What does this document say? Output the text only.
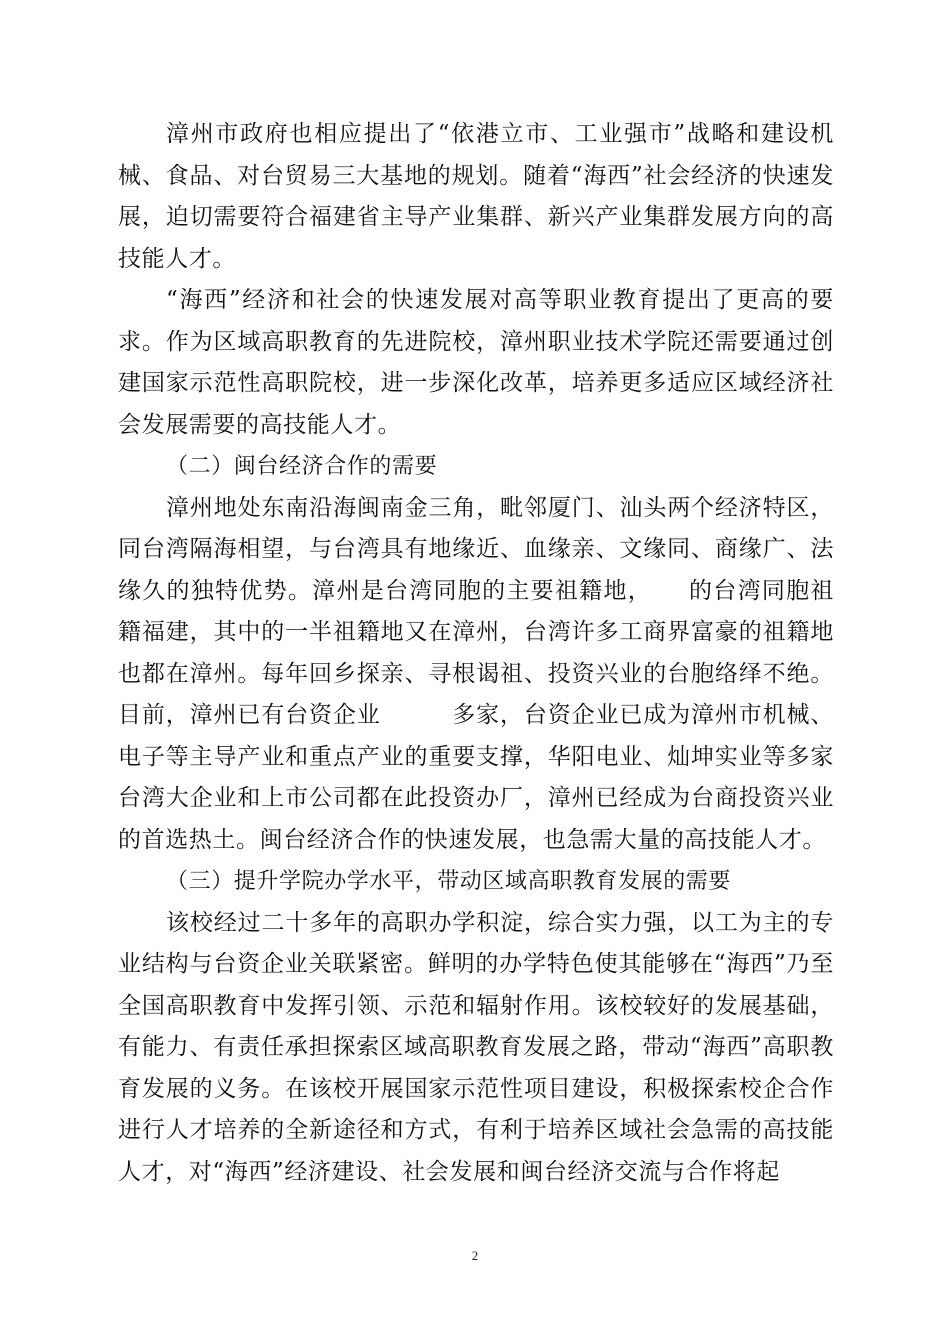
漳州市政府也相应提出了“依港立市、工业强市”战略和建设机械、食品、对台贸易三大基地的规划。随着“海西”社会经济的快速发展，迫切需要符合福建省主导产业集群、新兴产业集群发展方向的高技能人才。

“海西”经济和社会的快速发展对高等职业教育提出了更高的要求。作为区域高职教育的先进院校，漳州职业技术学院还需要通过创建国家示范性高职院校，进一步深化改革，培养更多适应区域经济社会发展需要的高技能人才。

（二）闽台经济合作的需要

漳州地处东南沿海闽南金三角，毗邻厦门、汕头两个经济特区，同台湾隔海相望，与台湾具有地缘近、血缘亲、文缘同、商缘广、法缘久的独特优势。漳州是台湾同胞的主要祖籍地，　　的台湾同胞祖籍福建，其中的一半祖籍地又在漳州，台湾许多工商界富豪的祖籍地也都在漳州。每年回乡探亲、寻根谒祖、投资兴业的台胞络绎不绝。目前，漳州已有台资企业　　　多家，台资企业已成为漳州市机械、电子等主导产业和重点产业的重要支撑，华阳电业、灿坤实业等多家台湾大企业和上市公司都在此投资办厂，漳州已经成为台商投资兴业的首选热土。闽台经济合作的快速发展，也急需大量的高技能人才。

（三）提升学院办学水平，带动区域高职教育发展的需要

该校经过二十多年的高职办学积淀，综合实力强，以工为主的专业结构与台资企业关联紧密。鲜明的办学特色使其能够在“海西”乃至全国高职教育中发挥引领、示范和辐射作用。该校较好的发展基础，有能力、有责任承担探索区域高职教育发展之路，带动“海西”高职教育发展的义务。在该校开展国家示范性项目建设，积极探索校企合作进行人才培养的全新途径和方式，有利于培养区域社会急需的高技能人才，对“海西”经济建设、社会发展和闽台经济交流与合作将起

2
